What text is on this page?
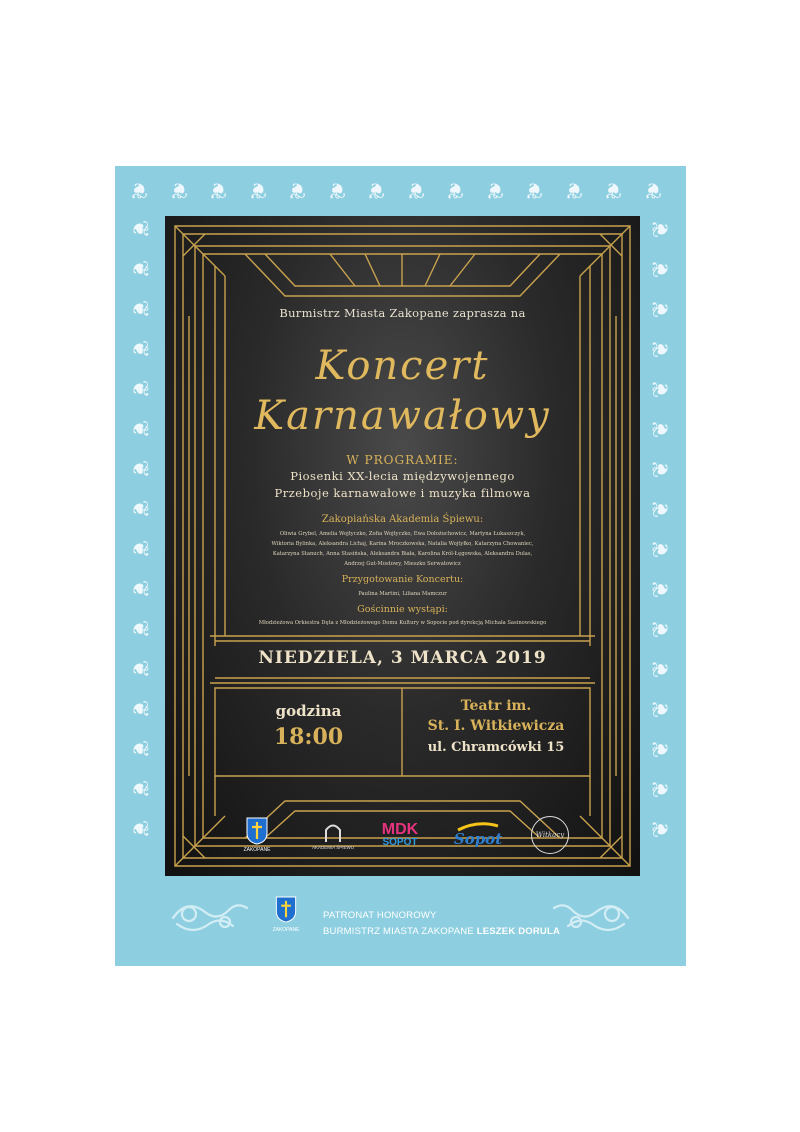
❦ ❦ ❦ ❦ ❦ ❦ ❦ ❦ ❦ ❦ ❦ ❦ ❦ ❦
❦	❦
❦	❦
❦	❦
❦	❦
❦	❦
❦	❦
❦	❦
❦	❦
❦	❦
❦	❦
❦	❦
❦	❦
❦	❦
❦	❦
❦	❦
❦	❦
Burmistrz Miasta Zakopane zaprasza na
Koncert
Karnawałowy
W PROGRAMIE:
Piosenki XX-lecia międzywojennego
Przeboje karnawałowe i muzyka filmowa
Zakopiańska Akademia Śpiewu:
Oliwia Grybel, Amelia Wojtyczko, Zofia Wojtyczko, Ewa Dołożuchowicz, Martyna Łukaszczyk,
Wiktoria Bylinka, Aleksandra Lichaj, Karina Mroczkowska, Natalia Wojtyłko, Katarzyna Chowaniec,
Katarzyna Stanuch, Anna Stasińska, Aleksandra Biała, Karolina Król-Łęgowska, Aleksandra Dulas,
Andrzej Gut-Mostowy, Mieszko Serwatowicz
Przygotowanie Koncertu:
Paulina Martini, Liliana Mamczur
Gościnnie wystąpi:
Młodzieżowa Orkiestra Dęta z Młodzieżowego Domu Kultury w Sopocie pod dyrekcją Michała Sasinowskiego
NIEDZIELA, 3 MARCA 2019
godzina
18:00
Teatr im.
St. I. Witkiewicza
ul. Chramcówki 15
ZAKOPANE	AKADEMIA ŚPIEWU
MDK
SOPOT Sopot	Witkacy
ZAKOPANE
PATRONAT HONOROWY
BURMISTRZ MIASTA ZAKOPANE LESZEK DORULA
